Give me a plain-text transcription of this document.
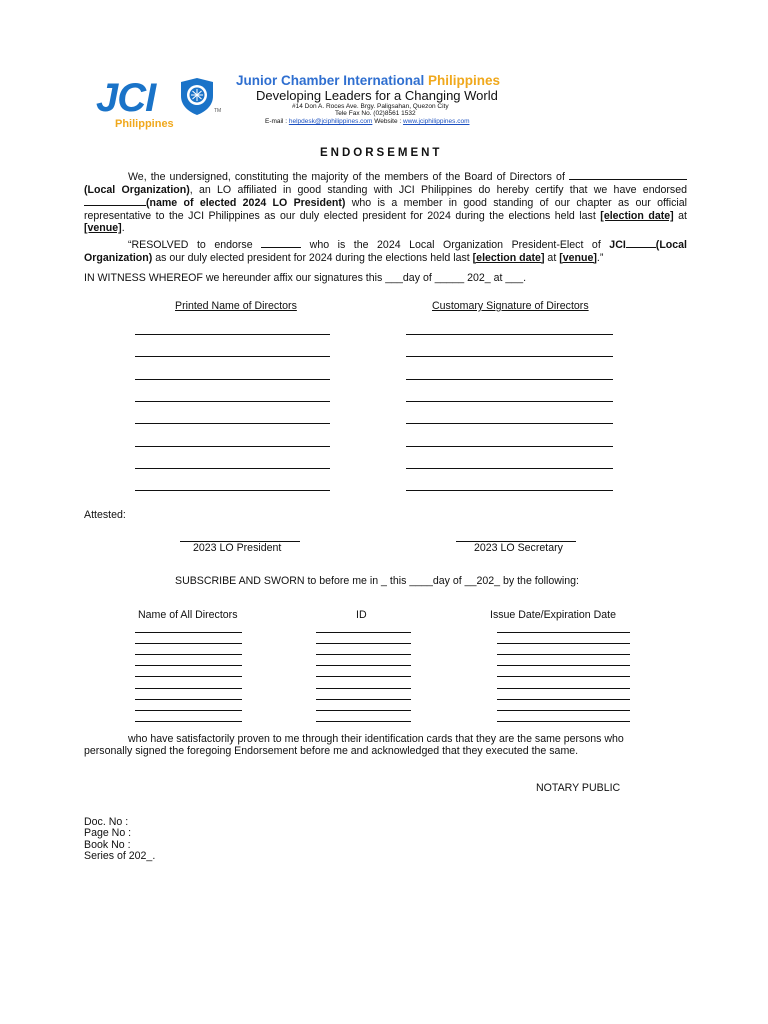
JCI	TM
Philippines
Junior Chamber International Philippines
Developing Leaders for a Changing World
#14 Don A. Roces Ave. Brgy. Paligsahan, Quezon City
Tele Fax No. (02)8561 1532
E-mail : helpdesk@jciphilippines.com Website : www.jciphilippines.com
ENDORSEMENT
We, the undersigned, constituting the majority of the members of the Board of Directors of (Local Organization), an LO affiliated in good standing with JCI Philippines do hereby certify that we have endorsed (name of elected 2024 LO President) who is a member in good standing of our chapter as our official representative to the JCI Philippines as our duly elected president for 2024 during the elections held last [election date] at [venue].
“RESOLVED to endorse	who is the 2024 Local Organization President-Elect of JCI	(Local Organization) as our duly elected president for 2024 during the elections held last [election date] at [venue].”
IN WITNESS WHEREOF we hereunder affix our signatures this ___day of _____ 202_ at ___.
Printed Name of Directors	Customary Signature of Directors
Attested:
2023 LO President	2023 LO Secretary
SUBSCRIBE AND SWORN to before me in _ this ____day of __202_ by the following:
Name of All Directors	ID	Issue Date/Expiration Date
who have satisfactorily proven to me through their identification cards that they are the same persons who
personally signed the foregoing Endorsement before me and acknowledged that they executed the same.
NOTARY PUBLIC
Doc. No :
Page No :
Book No :
Series of 202_.
